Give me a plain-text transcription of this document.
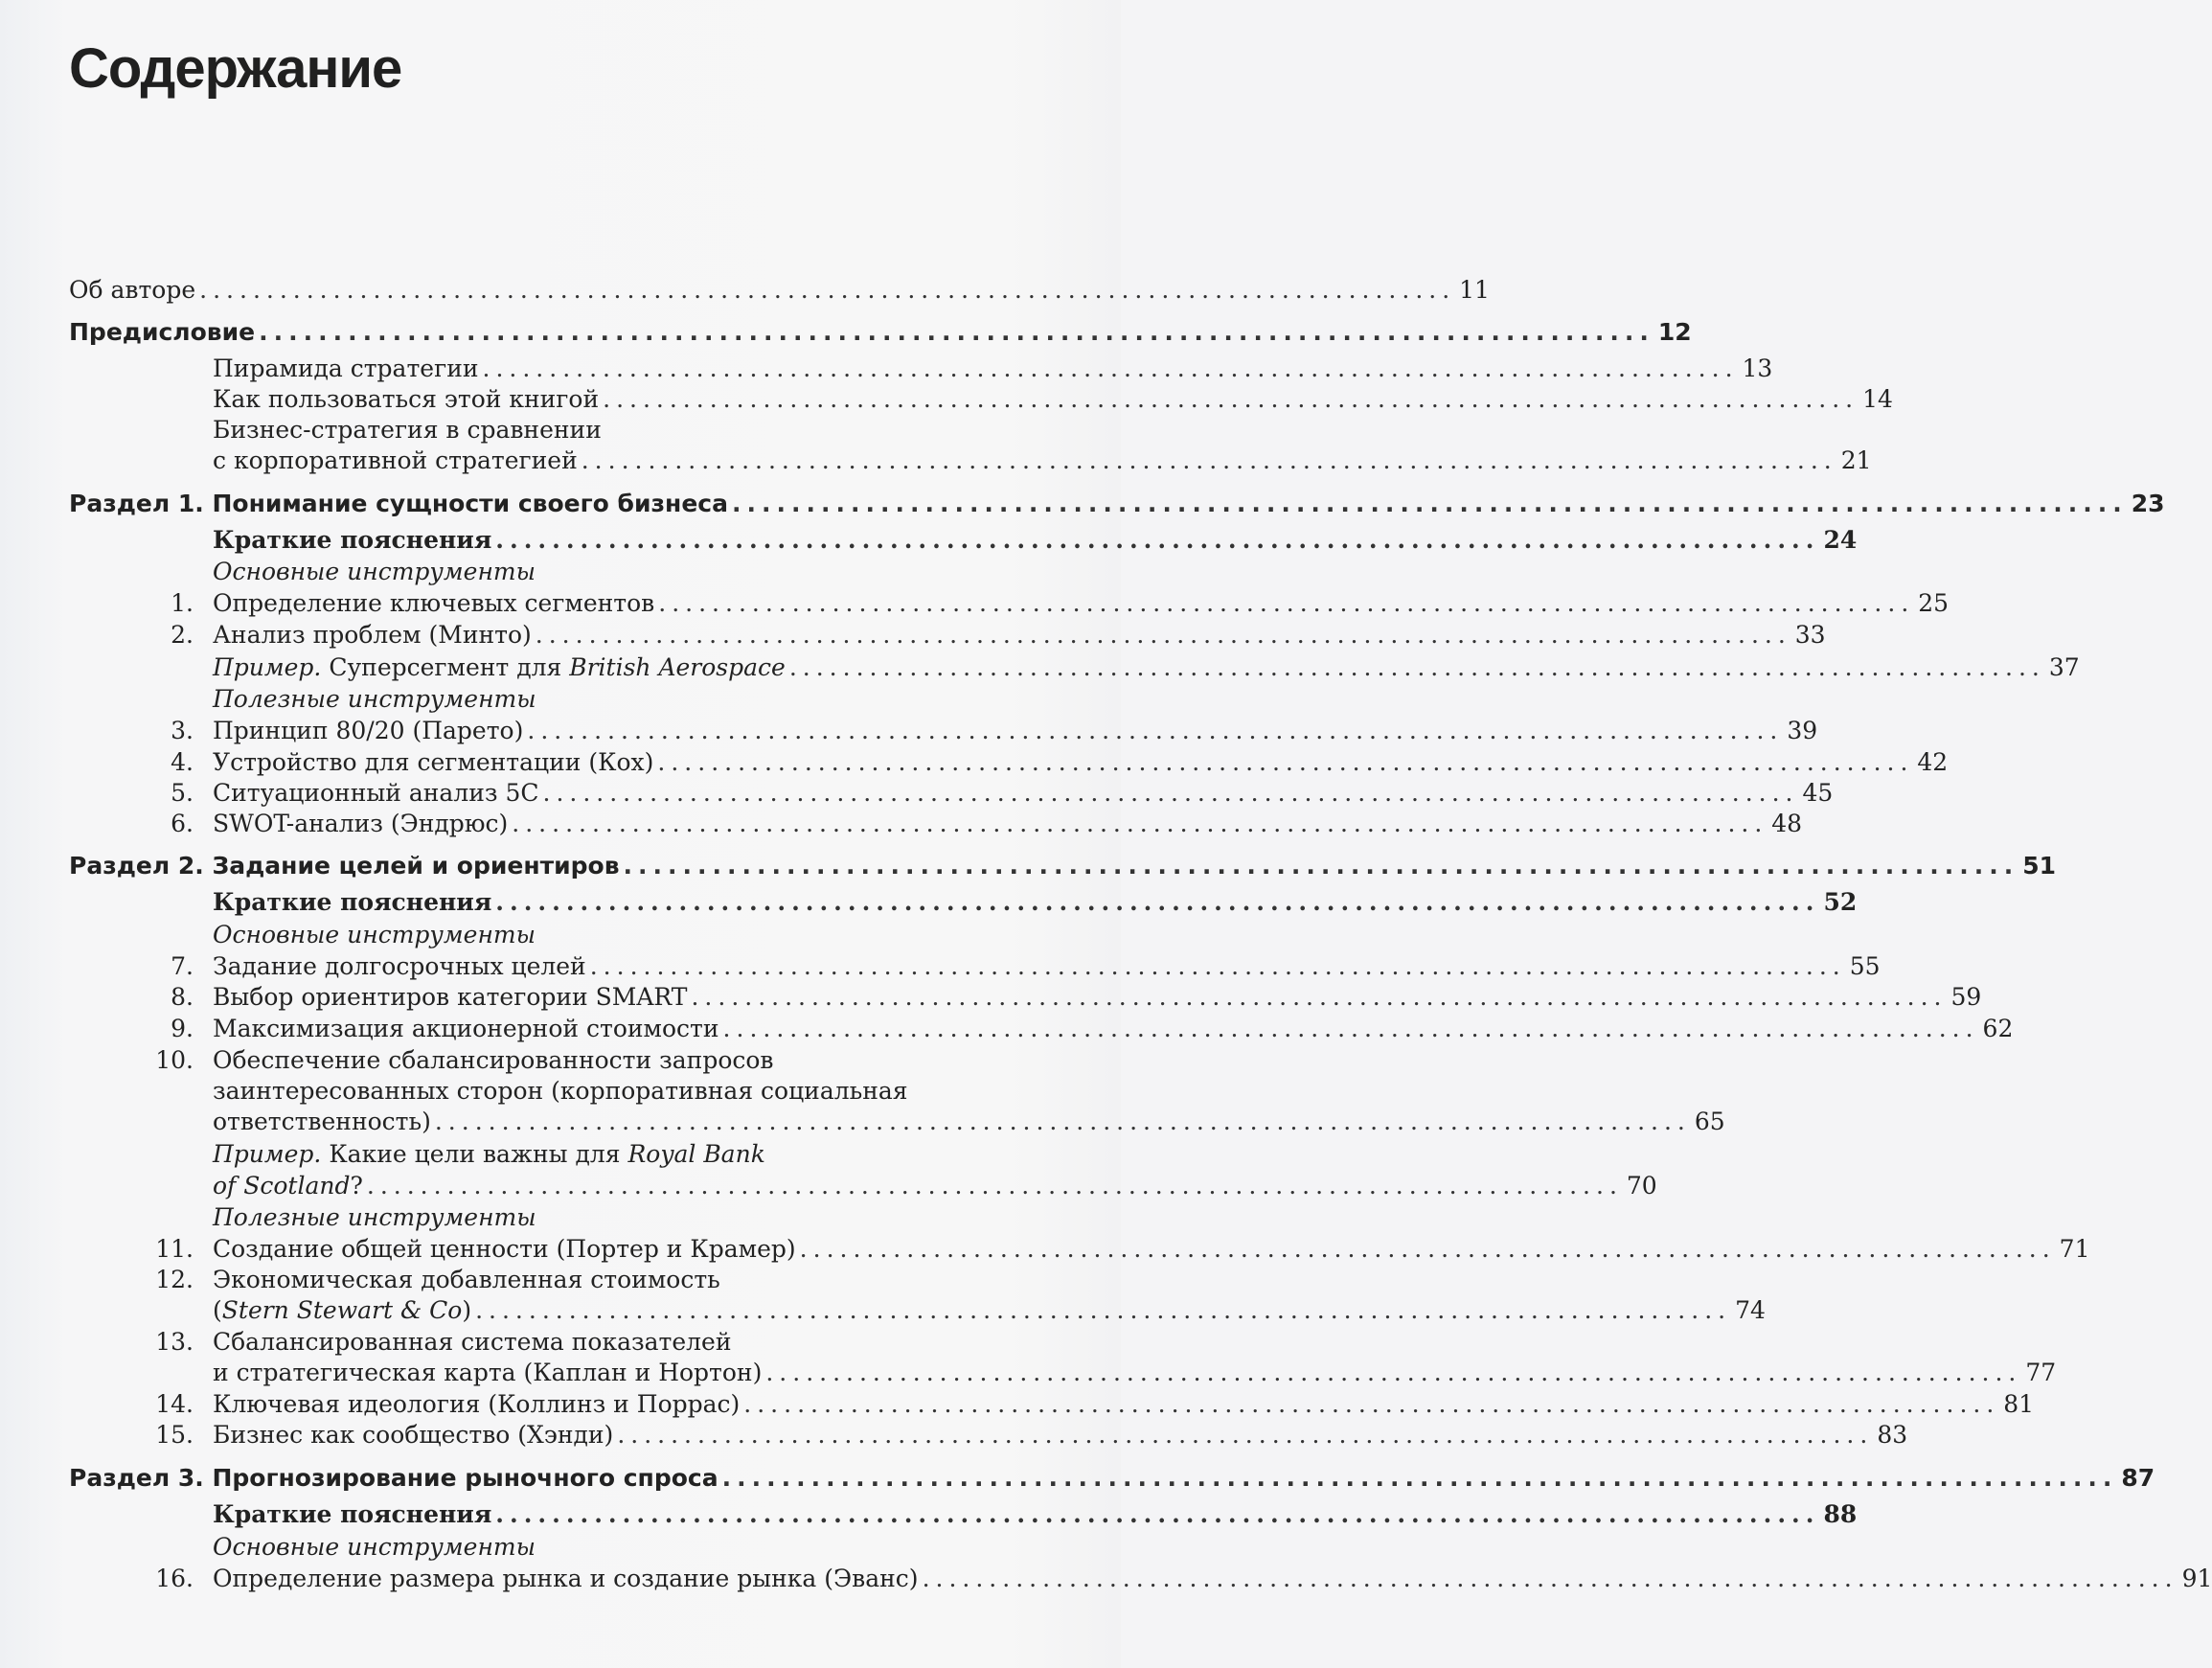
Содержание
Об авторе .............................................................................................. 11
Предисловие .............................................................................................. 12
Пирамида стратегии .............................................................................................. 13
Как пользоваться этой книгой .............................................................................................. 14
Бизнес-стратегия в сравнении
с корпоративной стратегией .............................................................................................. 21
Раздел 1. Понимание сущности своего бизнеса .............................................................................................. 23
Краткие пояснения .............................................................................................. 24
Основные инструменты
1. Определение ключевых сегментов .............................................................................................. 25
2. Анализ проблем (Минто) .............................................................................................. 33
Пример. Суперсегмент для British Aerospace .............................................................................................. 37
Полезные инструменты
3. Принцип 80/20 (Парето) .............................................................................................. 39
4. Устройство для сегментации (Кох) .............................................................................................. 42
5. Ситуационный анализ 5С .............................................................................................. 45
6. SWOT-анализ (Эндрюс) .............................................................................................. 48
Раздел 2. Задание целей и ориентиров .............................................................................................. 51
Краткие пояснения .............................................................................................. 52
Основные инструменты
7. Задание долгосрочных целей .............................................................................................. 55
8. Выбор ориентиров категории SMART .............................................................................................. 59
9. Максимизация акционерной стоимости .............................................................................................. 62
10. Обеспечение сбалансированности запросов
заинтересованных сторон (корпоративная социальная
ответственность) .............................................................................................. 65
Пример. Какие цели важны для Royal Bank
of Scotland? .............................................................................................. 70
Полезные инструменты
11. Создание общей ценности (Портер и Крамер) .............................................................................................. 71
12. Экономическая добавленная стоимость
(Stern Stewart & Co) .............................................................................................. 74
13. Сбалансированная система показателей
и стратегическая карта (Каплан и Нортон) .............................................................................................. 77
14. Ключевая идеология (Коллинз и Поррас) .............................................................................................. 81
15. Бизнес как сообщество (Хэнди) .............................................................................................. 83
Раздел 3. Прогнозирование рыночного спроса .............................................................................................. 87
Краткие пояснения .............................................................................................. 88
Основные инструменты
16. Определение размера рынка и создание рынка (Эванс) .............................................................................................. 91
